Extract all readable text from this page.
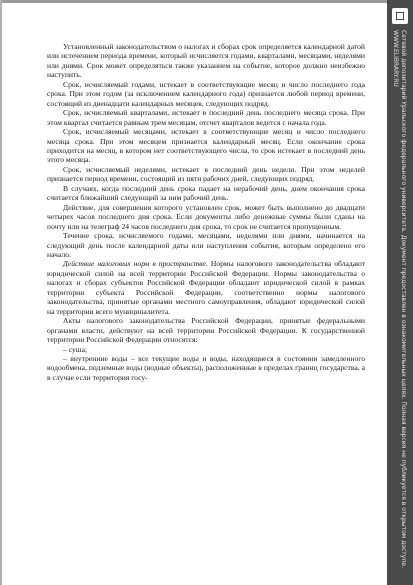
Установленный законодательством о налогах и сборах срок определяется календарной датой или истечением периода времени, который исчисляется годами, кварталами, месяцами, неделями или днями. Срок может определяться также указанием на событие, которое должно неизбежно наступить.

Срок, исчисляемый годами, истекает в соответствующие месяц и число последнего года срока. При этом годом (за исключением календарного года) признается любой период времени, состоящий из двенадцати календарных месяцев, следующих подряд.

Срок, исчисляемый кварталами, истекает в последний день последнего месяца срока. При этом квартал считается равным трем месяцам, отсчет кварталов ведется с начала года.

Срок, исчисляемый месяцами, истекает в соответствующие месяц и число последнего месяца срока. При этом месяцем признается календарный месяц. Если окончание срока приходится на месяц, в котором нет соответствующего числа, то срок истекает в последний день этого месяца.

Срок, исчисляемый неделями, истекает в последний день недели. При этом неделей признается период времени, состоящий из пяти рабочих дней, следующих подряд.

В случаях, когда последний день срока падает на нерабочий день, днем окончания срока считается ближайший следующий за ним рабочий день.

Действие, для совершения которого установлен срок, может быть выполнено до двадцати четырех часов последнего дня срока. Если документы либо денежные суммы были сданы на почту или на телеграф 24 часов последнего дня срока, то срок не считается пропущенным.

Течение срока, исчисляемого годами, месяцами, неделями или днями, начинается на следующий день после календарной даты или наступления события, которым определено его начало.

Действие налоговых норм в пространстве. Нормы налогового законодательства обладают юридической силой на всей территории Российской Федерации. Нормы законодательства о налогах и сборах субъектов Российской Федерации обладают юридической силой в рамках территории субъекта Российской Федерации, соответственно нормы налогового законодательства, принятые органами местного самоуправления, обладают юридической силой на территории всего муниципалитета.

Акты налогового законодательства Российской Федерации, принятые федеральными органами власти, действуют на всей территории Российской Федерации. К государственной территории Российской Федерации относятся:

– суша;

– внутренние воды – все текущие воды и воды, находящиеся в состоянии замедленного водообмена, подземные воды (водные объекты), расположенные в пределах границ государства, а в случае если территория госу-	Сетевой депозитарий Уральского федерального университета. Документ предоставлен в ознакомительных целях. Полная версия не публикуется в открытом доступе.
WWW.ELIBRARY.RU
